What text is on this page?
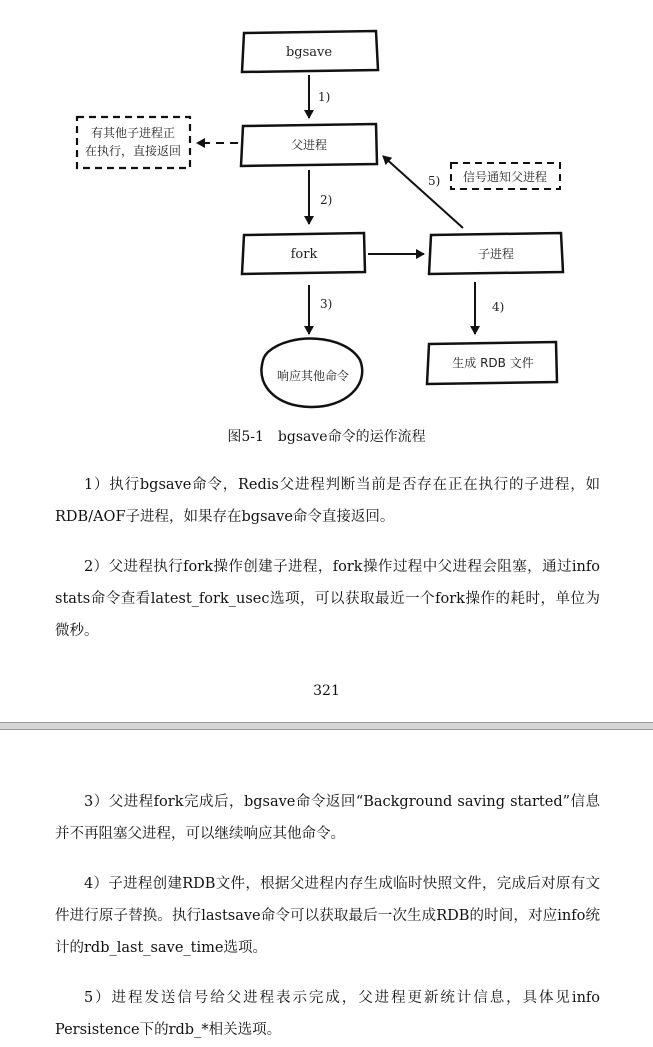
bgsave
1)
父进程
有其他子进程正
在执行，直接返回
2)
fork	子进程
5) 信号通知父进程
3)
响应其他命令
4)
生成 RDB 文件
图5-1　bgsave命令的运作流程

1）执行bgsave命令，Redis父进程判断当前是否存在正在执行的子进程，如RDB/AOF子进程，如果存在bgsave命令直接返回。

2）父进程执行fork操作创建子进程，fork操作过程中父进程会阻塞，通过info stats命令查看latest_fork_usec选项，可以获取最近一个fork操作的耗时，单位为微秒。

321

3）父进程fork完成后，bgsave命令返回“Background saving started”信息并不再阻塞父进程，可以继续响应其他命令。

4）子进程创建RDB文件，根据父进程内存生成临时快照文件，完成后对原有文件进行原子替换。执行lastsave命令可以获取最后一次生成RDB的时间，对应info统计的rdb_last_save_time选项。

5）进程发送信号给父进程表示完成，父进程更新统计信息，具体见info Persistence下的rdb_*相关选项。
